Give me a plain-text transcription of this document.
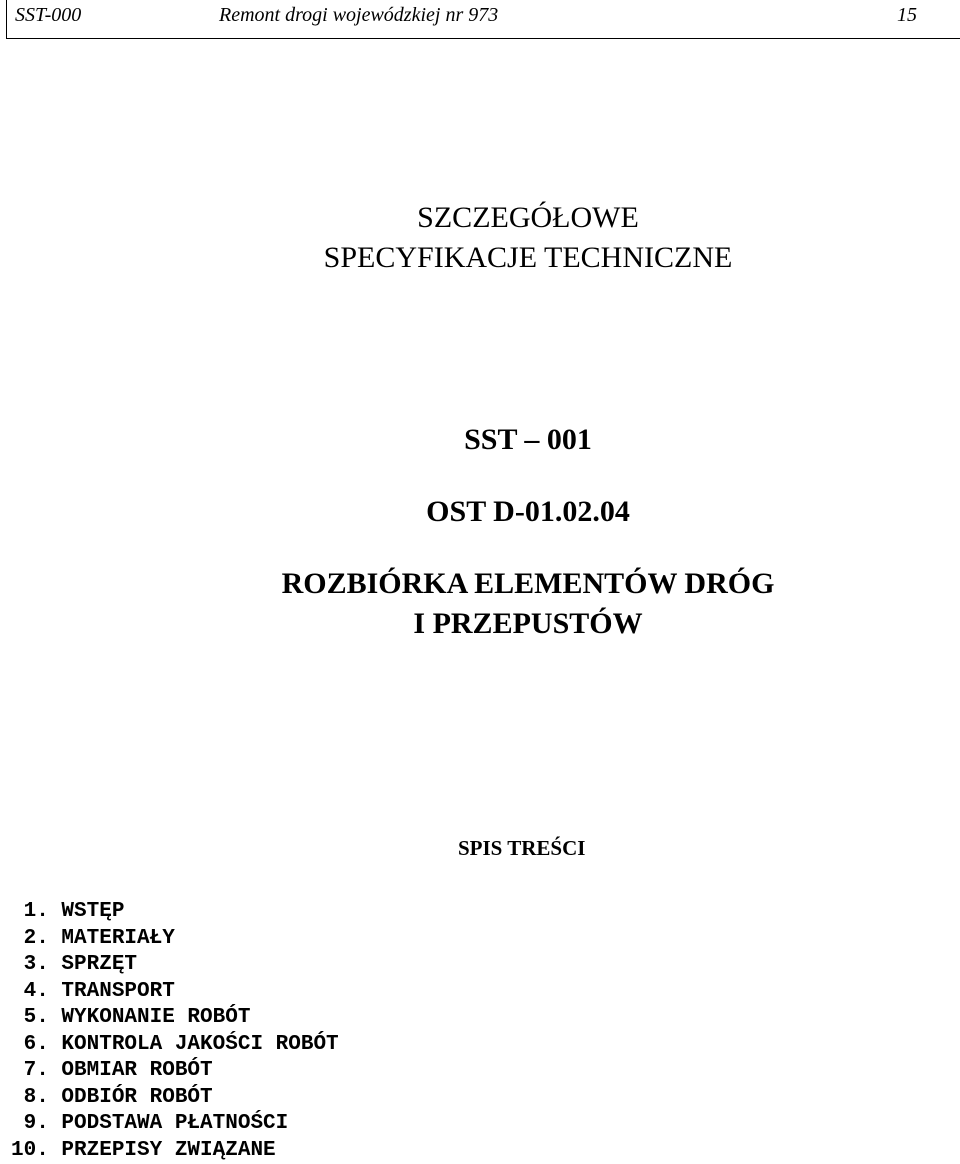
SST-000	Remont drogi wojewódzkiej nr 973	15
SZCZEGÓŁOWE
SPECYFIKACJE TECHNICZNE
SST – 001
OST D-01.02.04
ROZBIÓRKA ELEMENTÓW DRÓG
I PRZEPUSTÓW
SPIS TREŚCI
1. WSTĘP
2. MATERIAŁY
3. SPRZĘT
4. TRANSPORT
5. WYKONANIE ROBÓT
6. KONTROLA JAKOŚCI ROBÓT
7. OBMIAR ROBÓT
8. ODBIÓR ROBÓT
9. PODSTAWA PŁATNOŚCI
10. PRZEPISY ZWIĄZANE
